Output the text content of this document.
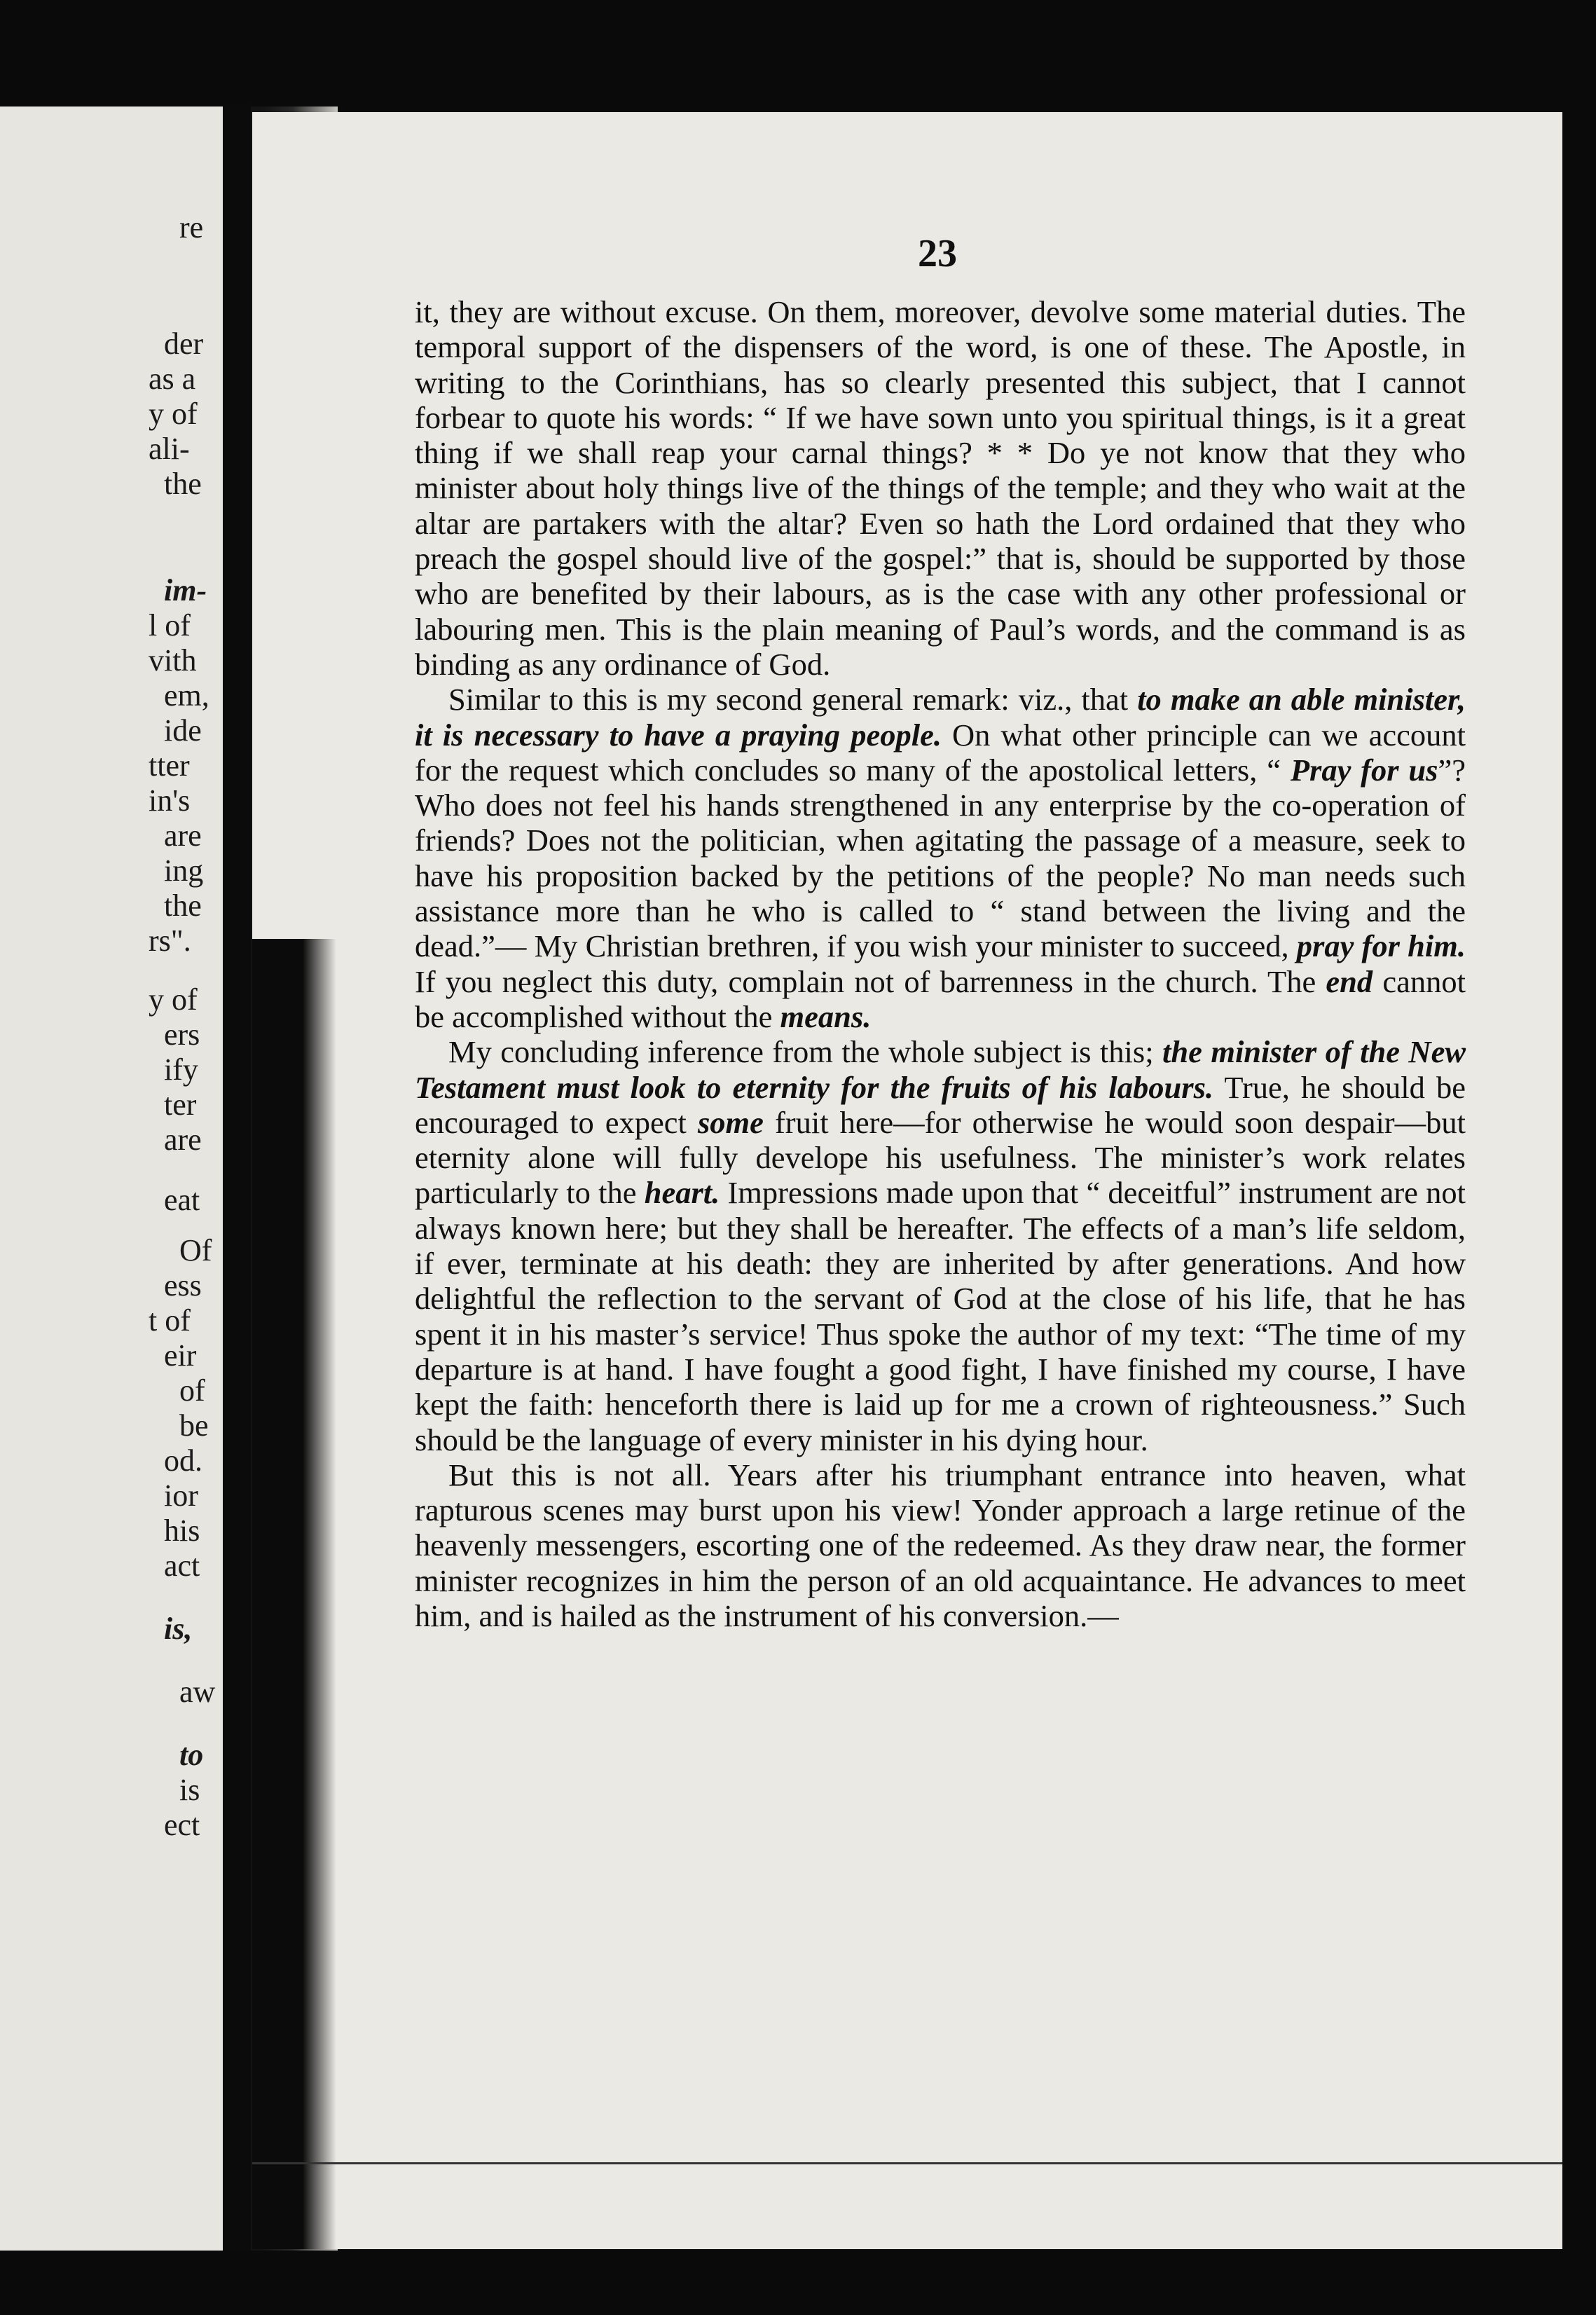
re
der
as a
y of
ali-
the
im-
l of
vith
em,
ide
tter
in's
are
ing
the
rs".
y of
ers
ify
ter
are
eat
Of
ess
t of
eir
of
be
od.
ior
his
act
is,
aw
to
is
ect
23

it, they are without excuse. On them, moreover, devolve some material duties. The temporal support of the dispensers of the word, is one of these. The Apostle, in writing to the Corinthians, has so clearly presented this subject, that I cannot forbear to quote his words: “ If we have sown unto you spiritual things, is it a great thing if we shall reap your carnal things? * * Do ye not know that they who minister about holy things live of the things of the temple; and they who wait at the altar are partakers with the altar? Even so hath the Lord ordained that they who preach the gospel should live of the gospel:” that is, should be supported by those who are benefited by their labours, as is the case with any other professional or labouring men. This is the plain meaning of Paul’s words, and the command is as binding as any ordinance of God.

Similar to this is my second general remark: viz., that to make an able minister, it is necessary to have a praying people. On what other principle can we account for the request which concludes so many of the apostolical letters, “ Pray for us”? Who does not feel his hands strengthened in any enterprise by the co-operation of friends? Does not the politician, when agitating the passage of a measure, seek to have his proposition backed by the petitions of the people? No man needs such assistance more than he who is called to “ stand between the living and the dead.”— My Christian brethren, if you wish your minister to succeed, pray for him. If you neglect this duty, complain not of barrenness in the church. The end cannot be accomplished without the means.

My concluding inference from the whole subject is this; the minister of the New Testament must look to eternity for the fruits of his labours. True, he should be encouraged to expect some fruit here—for otherwise he would soon despair—but eternity alone will fully develope his usefulness. The minister’s work relates particularly to the heart. Impressions made upon that “ deceitful” instrument are not always known here; but they shall be hereafter. The effects of a man’s life seldom, if ever, terminate at his death: they are inherited by after generations. And how delightful the reflection to the servant of God at the close of his life, that he has spent it in his master’s service! Thus spoke the author of my text: “The time of my departure is at hand. I have fought a good fight, I have finished my course, I have kept the faith: henceforth there is laid up for me a crown of righteousness.” Such should be the language of every minister in his dying hour.

But this is not all. Years after his triumphant entrance into heaven, what rapturous scenes may burst upon his view! Yonder approach a large retinue of the heavenly messengers, escorting one of the redeemed. As they draw near, the former minister recognizes in him the person of an old acquaintance. He advances to meet him, and is hailed as the instrument of his conversion.—
